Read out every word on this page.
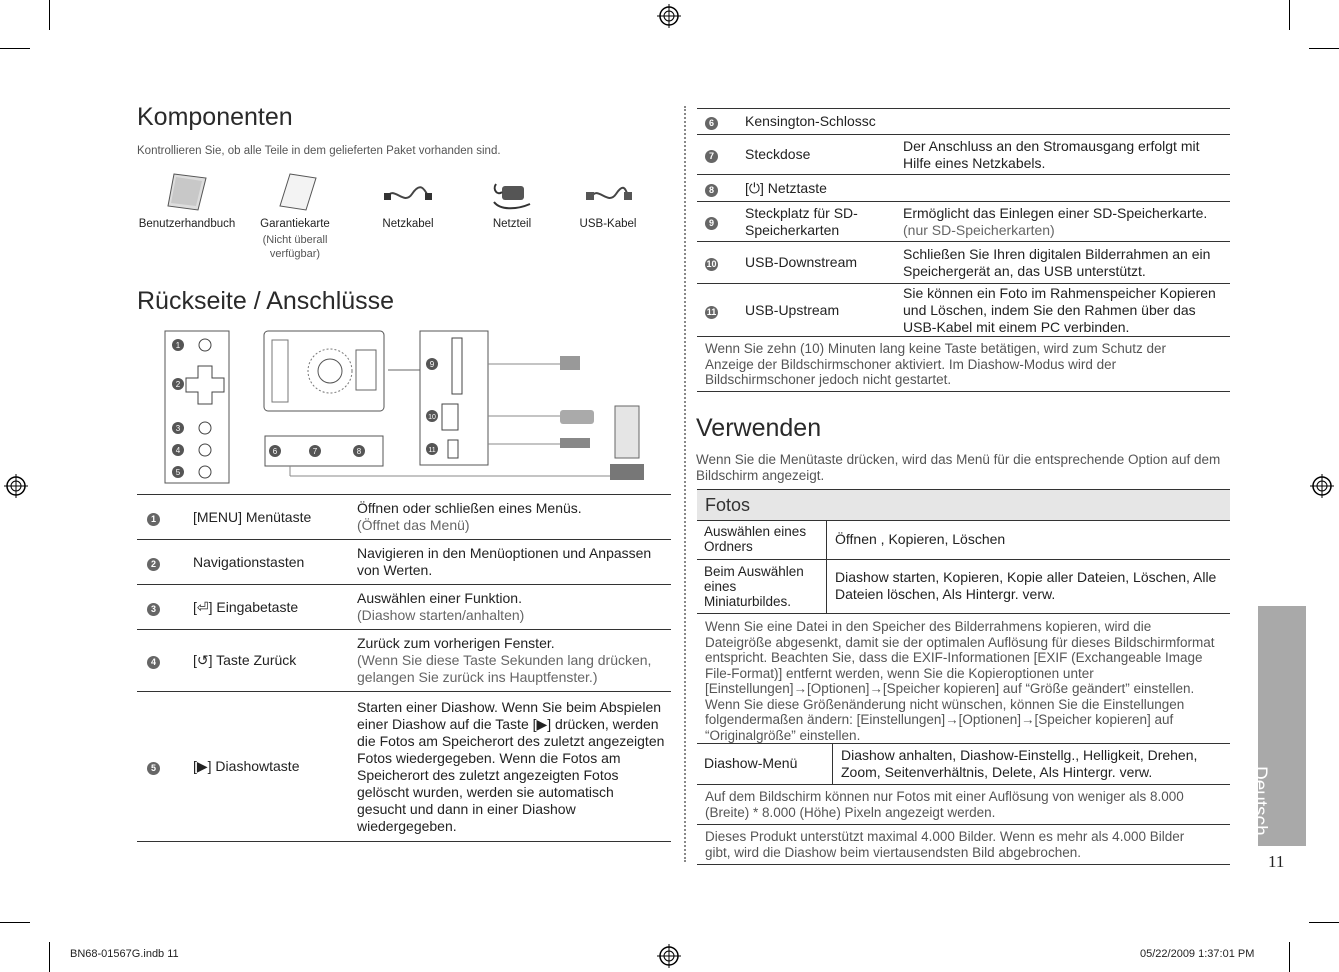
Komponenten
Kontrollieren Sie, ob alle Teile in dem gelieferten Paket vorhanden sind.
Benutzerhandbuch	Garantiekarte
(Nicht überall verfügbar)
Netzkabel	Netzteil	USB-Kabel
Rückseite / Anschlüsse
1
2
3
4
5
6	7	8
9
10
11
1	[MENU] Menütaste	Öffnen oder schließen eines Menüs.
(Öffnet das Menü)

2	Navigationstasten	Navigieren in den Menüoptionen und Anpassen von Werten.

3	[⏎] Eingabetaste	Auswählen einer Funktion.
(Diashow starten/anhalten)

4	[↺] Taste Zurück	Zurück zum vorherigen Fenster.
(Wenn Sie diese Taste Sekunden lang drücken, gelangen Sie zurück ins Hauptfenster.)

5	[▶] Diashowtaste	Starten einer Diashow. Wenn Sie beim Abspielen einer Diashow auf die Taste [▶] drücken, werden die Fotos am Speicherort des zuletzt angezeigten Fotos wiedergegeben. Wenn die Fotos am Speicherort des zuletzt angezeigten Fotos gelöscht wurden, werden sie automatisch gesucht und dann in einer Diashow wiedergegeben.
6	Kensington-Schlossc	
7	Steckdose	Der Anschluss an den Stromausgang erfolgt mit Hilfe eines Netzkabels.
8	[⏻] Netztaste	
9	Steckplatz für SD-Speicherkarten	Ermöglicht das Einlegen einer SD-Speicherkarte.
(nur SD-Speicherkarten)

10	USB-Downstream	Schließen Sie Ihren digitalen Bilderrahmen an ein Speichergerät an, das USB unterstützt.
11	USB-Upstream	Sie können ein Foto im Rahmenspeicher Kopieren und Löschen, indem Sie den Rahmen über das USB-Kabel mit einem PC verbinden.
Wenn Sie zehn (10) Minuten lang keine Taste betätigen, wird zum Schutz der Anzeige der Bildschirmschoner aktiviert. Im Diashow-Modus wird der Bildschirmschoner jedoch nicht gestartet.
Verwenden
Wenn Sie die Menütaste drücken, wird das Menü für die entsprechende Option auf dem Bildschirm angezeigt.
Fotos
Auswählen eines Ordners	Öffnen , Kopieren, Löschen
Beim Auswählen eines Miniaturbildes.	Diashow starten, Kopieren, Kopie aller Dateien, Löschen, Alle Dateien löschen, Als Hintergr. verw.
Wenn Sie eine Datei in den Speicher des Bilderrahmens kopieren, wird die Dateigröße abgesenkt, damit sie der optimalen Auflösung für dieses Bildschirmformat entspricht. Beachten Sie, dass die EXIF-Informationen [EXIF (Exchangeable Image File-Format)] entfernt werden, wenn Sie die Kopieroptionen unter [Einstellungen]→[Optionen]→[Speicher kopieren] auf “Größe geändert” einstellen. Wenn Sie diese Größenänderung nicht wünschen, können Sie die Einstellungen folgendermaßen ändern: [Einstellungen]→[Optionen]→[Speicher kopieren] auf “Originalgröße” einstellen.
Diashow-Menü	Diashow anhalten, Diashow-Einstellg., Helligkeit, Drehen, Zoom, Seitenverhältnis, Delete, Als Hintergr. verw.
Auf dem Bildschirm können nur Fotos mit einer Auflösung von weniger als 8.000 (Breite) * 8.000 (Höhe) Pixeln angezeigt werden.
Dieses Produkt unterstützt maximal 4.000 Bilder. Wenn es mehr als 4.000 Bilder gibt, wird die Diashow beim viertausendsten Bild abgebrochen.
Deutsch
11
BN68-01567G.indb 11	05/22/2009 1:37:01 PM
